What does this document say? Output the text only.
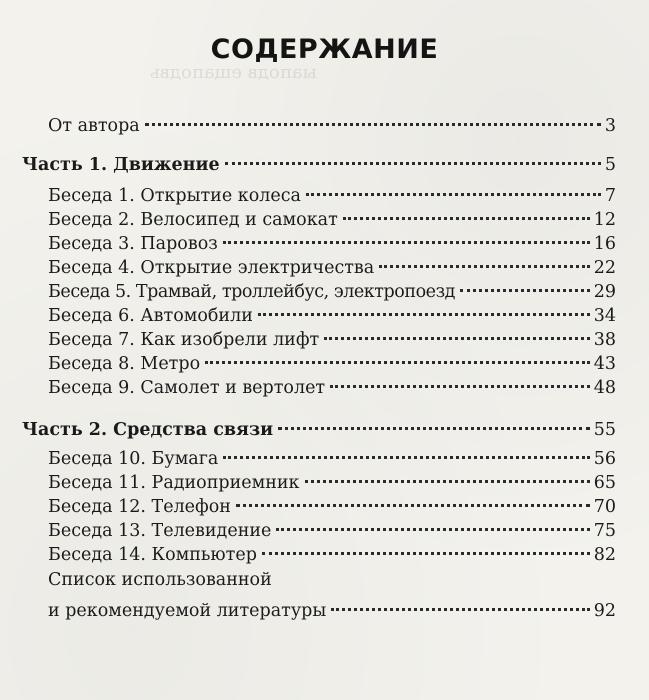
ыаподв ещаподвь
СОДЕРЖАНИЕ
От автора	3
Часть 1. Движение	5
Беседа 1. Открытие колеса	7
Беседа 2. Велосипед и самокат	12
Беседа 3. Паровоз	16
Беседа 4. Открытие электричества	22
Беседа 5. Трамвай, троллейбус, электропоезд	29
Беседа 6. Автомобили	34
Беседа 7. Как изобрели лифт	38
Беседа 8. Метро	43
Беседа 9. Самолет и вертолет	48
Часть 2. Средства связи	55
Беседа 10. Бумага	56
Беседа 11. Радиоприемник	65
Беседа 12. Телефон	70
Беседа 13. Телевидение	75
Беседа 14. Компьютер	82
Список использованной
и рекомендуемой литературы	92
